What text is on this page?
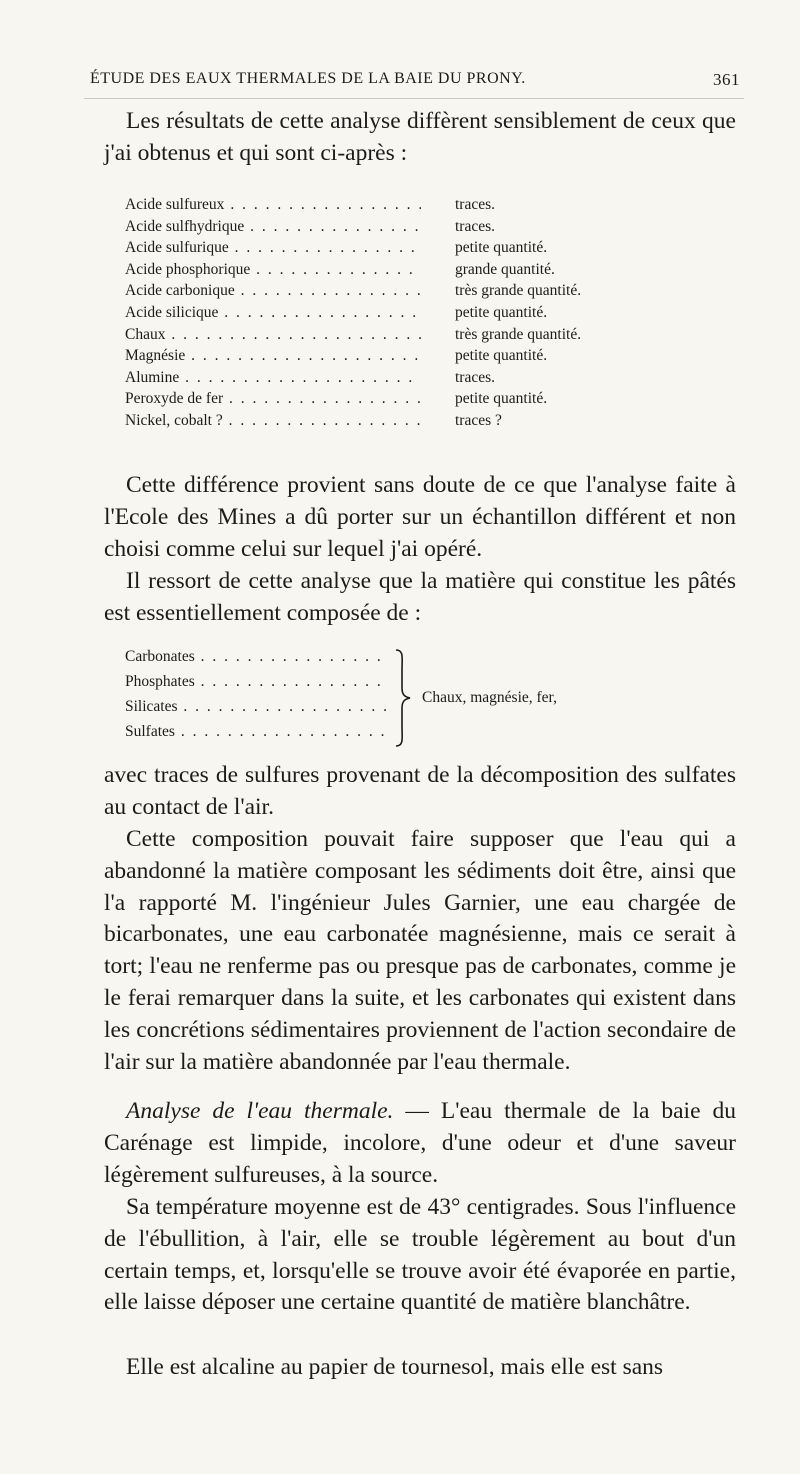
ÉTUDE DES EAUX THERMALES DE LA BAIE DU PRONY.	361

Les résultats de cette analyse diffèrent sensiblement de ceux que j'ai obtenus et qui sont ci-après :

Acide sulfureux . . .	traces.
Acide sulfhydrique . . .	traces.
Acide sulfurique . . .	petite quantité.
Acide phosphorique . . .	grande quantité.
Acide carbonique . . .	très grande quantité.
Acide silicique . . .	petite quantité.
Chaux . . .	très grande quantité.
Magnésie . . .	petite quantité.
Alumine . . .	traces.
Peroxyde de fer . . .	petite quantité.
Nickel, cobalt ? . . .	traces ?

Cette différence provient sans doute de ce que l'analyse faite à l'Ecole des Mines a dû porter sur un échantillon différent et non choisi comme celui sur lequel j'ai opéré.

Il ressort de cette analyse que la matière qui constitue les pâtés est essentiellement composée de :

Carbonates . . .
Phosphates . . .
Silicates . . .
Sulfates . . .
Chaux, magnésie, fer,

avec traces de sulfures provenant de la décomposition des sulfates au contact de l'air.

Cette composition pouvait faire supposer que l'eau qui a abandonné la matière composant les sédiments doit être, ainsi que l'a rapporté M. l'ingénieur Jules Garnier, une eau chargée de bicarbonates, une eau carbonatée magnésienne, mais ce serait à tort; l'eau ne renferme pas ou presque pas de carbonates, comme je le ferai remarquer dans la suite, et les carbonates qui existent dans les concrétions sédimentaires proviennent de l'action secondaire de l'air sur la matière abandonnée par l'eau thermale.

Analyse de l'eau thermale. — L'eau thermale de la baie du Carénage est limpide, incolore, d'une odeur et d'une saveur légèrement sulfureuses, à la source.

Sa température moyenne est de 43° centigrades. Sous l'influence de l'ébullition, à l'air, elle se trouble légèrement au bout d'un certain temps, et, lorsqu'elle se trouve avoir été évaporée en partie, elle laisse déposer une certaine quantité de matière blanchâtre.

Elle est alcaline au papier de tournesol, mais elle est sans
